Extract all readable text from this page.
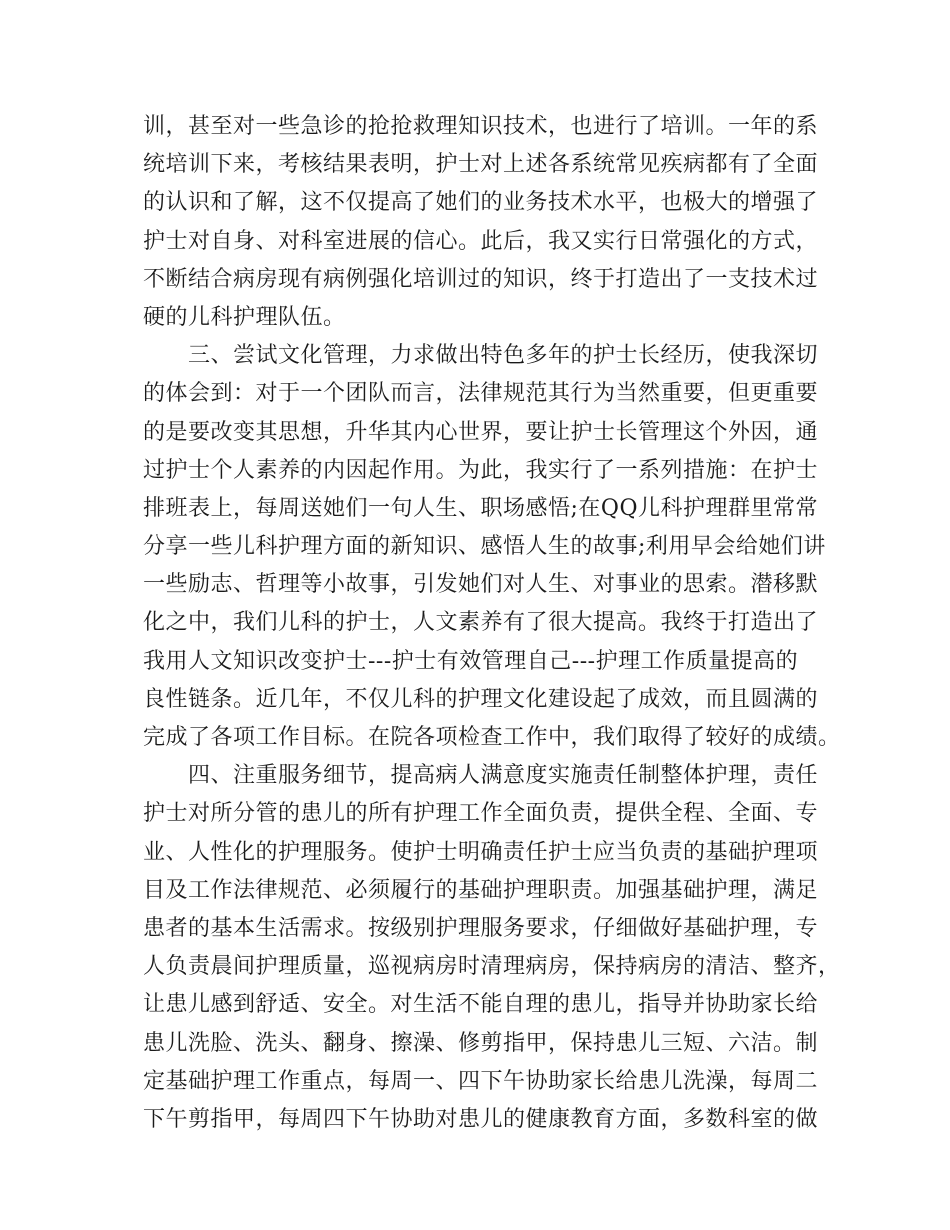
训，甚至对一些急诊的抢抢救理知识技术，也进行了培训。一年的系
统培训下来，考核结果表明，护士对上述各系统常见疾病都有了全面
的认识和了解，这不仅提高了她们的业务技术水平，也极大的增强了
护士对自身、对科室进展的信心。此后，我又实行日常强化的方式，
不断结合病房现有病例强化培训过的知识，终于打造出了一支技术过
硬的儿科护理队伍。
　　三、尝试文化管理，力求做出特色多年的护士长经历，使我深切
的体会到：对于一个团队而言，法律规范其行为当然重要，但更重要
的是要改变其思想，升华其内心世界，要让护士长管理这个外因，通
过护士个人素养的内因起作用。为此，我实行了一系列措施：在护士
排班表上，每周送她们一句人生、职场感悟;在QQ儿科护理群里常常
分享一些儿科护理方面的新知识、感悟人生的故事;利用早会给她们讲
一些励志、哲理等小故事，引发她们对人生、对事业的思索。潜移默
化之中，我们儿科的护士，人文素养有了很大提高。我终于打造出了
我用人文知识改变护士---护士有效管理自己---护理工作质量提高的
良性链条。近几年，不仅儿科的护理文化建设起了成效，而且圆满的
完成了各项工作目标。在院各项检查工作中，我们取得了较好的成绩。
　　四、注重服务细节，提高病人满意度实施责任制整体护理，责任
护士对所分管的患儿的所有护理工作全面负责，提供全程、全面、专
业、人性化的护理服务。使护士明确责任护士应当负责的基础护理项
目及工作法律规范、必须履行的基础护理职责。加强基础护理，满足
患者的基本生活需求。按级别护理服务要求，仔细做好基础护理，专
人负责晨间护理质量，巡视病房时清理病房，保持病房的清洁、整齐，
让患儿感到舒适、安全。对生活不能自理的患儿，指导并协助家长给
患儿洗脸、洗头、翻身、擦澡、修剪指甲，保持患儿三短、六洁。制
定基础护理工作重点，每周一、四下午协助家长给患儿洗澡，每周二
下午剪指甲，每周四下午协助对患儿的健康教育方面，多数科室的做
